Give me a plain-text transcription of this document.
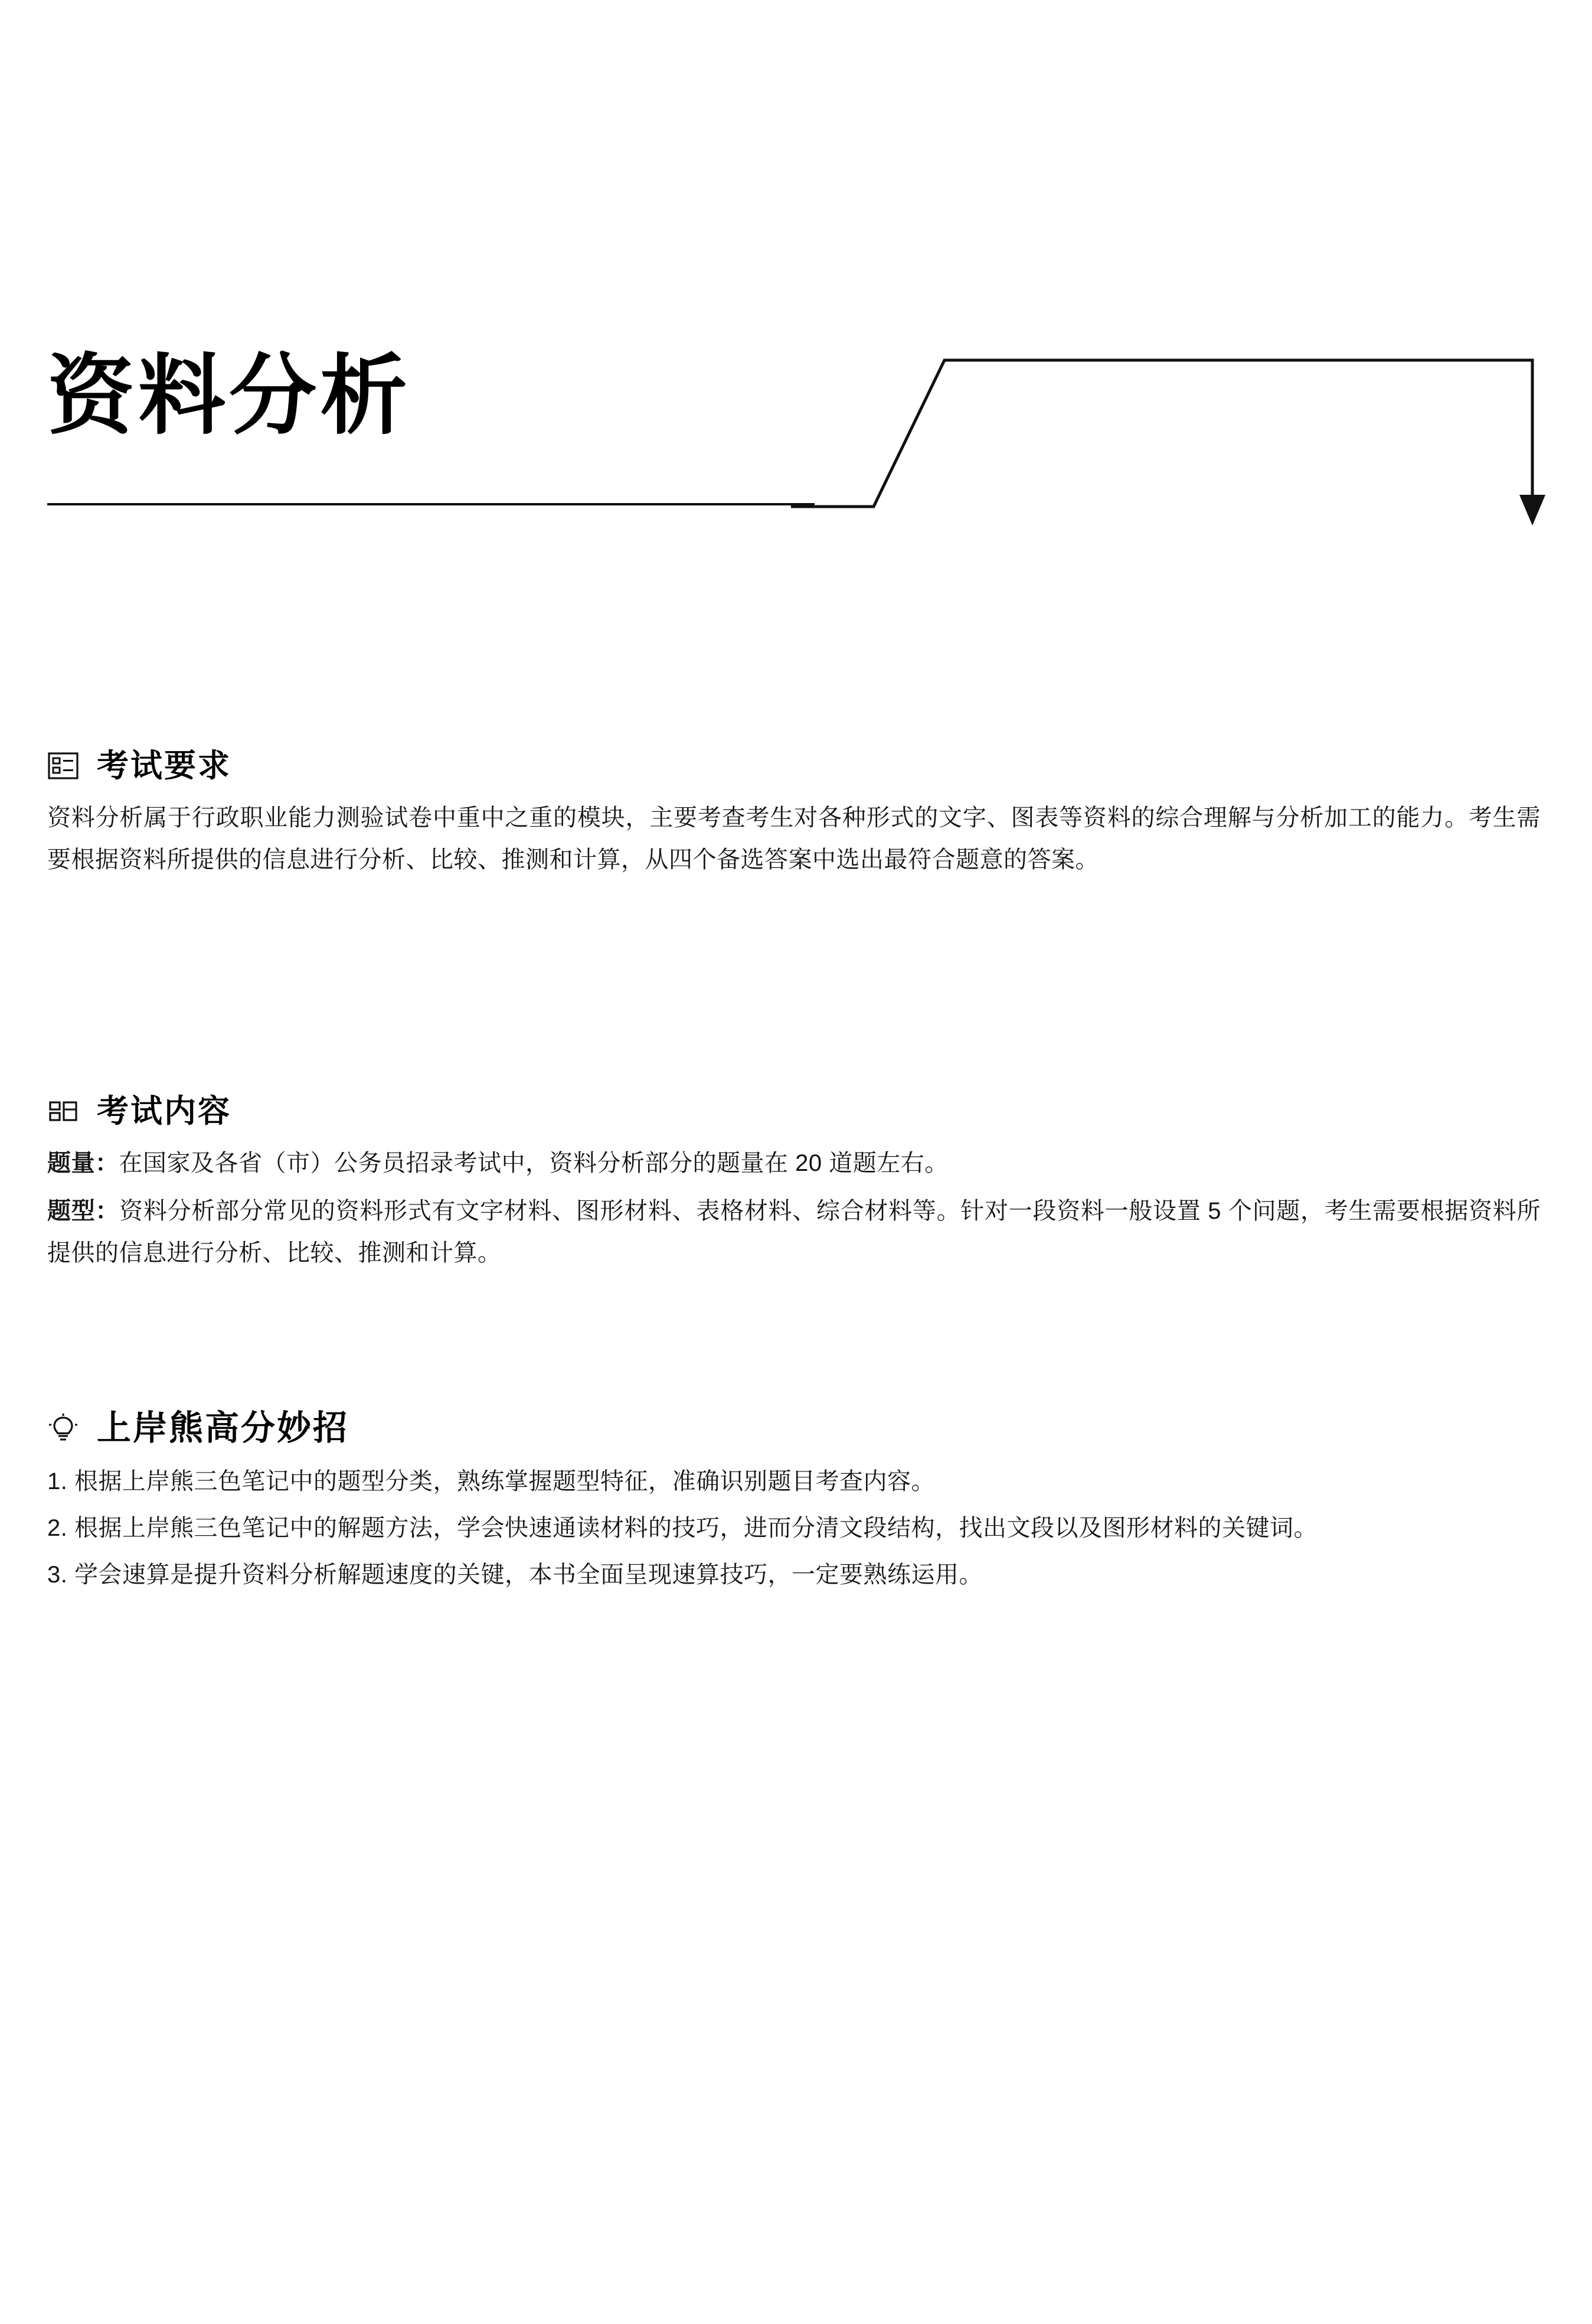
资料分析
考试要求

资料分析属于行政职业能力测验试卷中重中之重的模块，主要考查考生对各种形式的文字、图表等资料的综合理解与分析加工的能力。考生需要根据资料所提供的信息进行分析、比较、推测和计算，从四个备选答案中选出最符合题意的答案。

考试内容

题量：在国家及各省（市）公务员招录考试中，资料分析部分的题量在 20 道题左右。

题型：资料分析部分常见的资料形式有文字材料、图形材料、表格材料、综合材料等。针对一段资料一般设置 5 个问题，考生需要根据资料所提供的信息进行分析、比较、推测和计算。

上岸熊高分妙招

1. 根据上岸熊三色笔记中的题型分类，熟练掌握题型特征，准确识别题目考查内容。

2. 根据上岸熊三色笔记中的解题方法，学会快速通读材料的技巧，进而分清文段结构，找出文段以及图形材料的关键词。

3. 学会速算是提升资料分析解题速度的关键，本书全面呈现速算技巧，一定要熟练运用。
